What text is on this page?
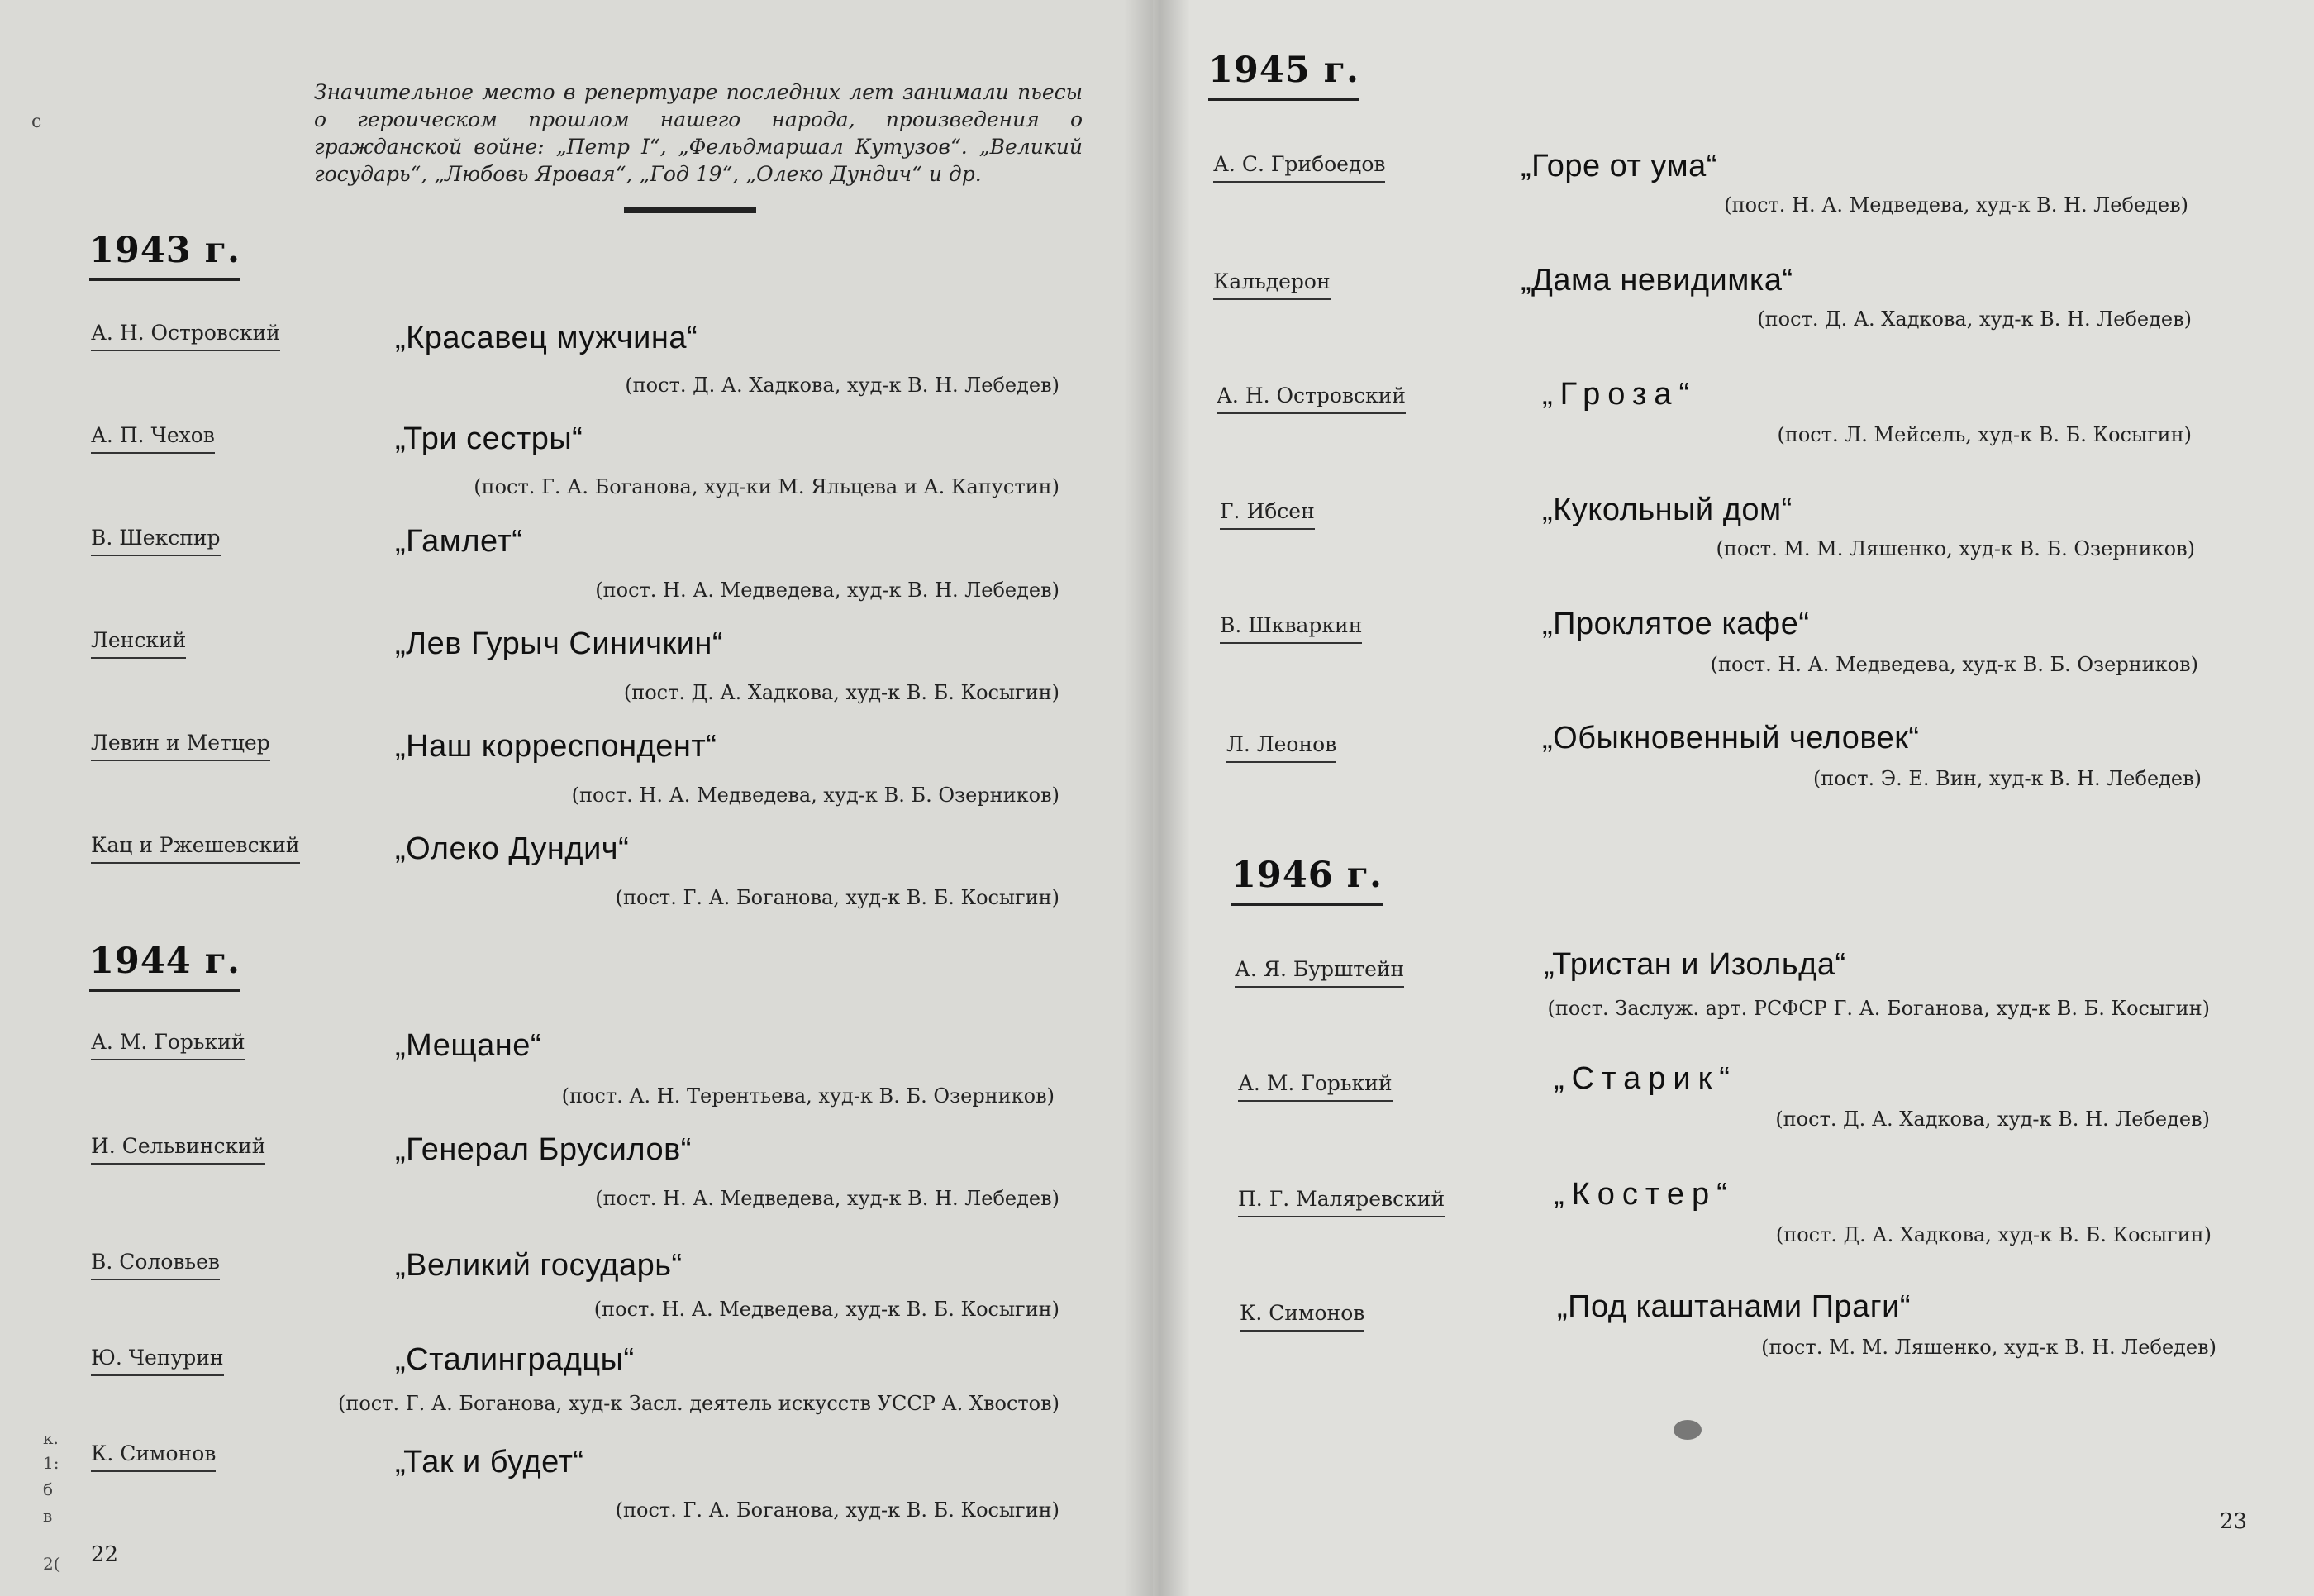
с
к.
1:
б
в
2(

Значительное место в репертуаре последних лет занимали пьесы о героическом прошлом нашего народа, произведения о гражданской войне: „Петр I“, „Фельдмаршал Кутузов“. „Великий государь“, „Любовь Яровая“, „Год 19“, „Олеко Дундич“ и др.

1943 г.
А. Н. Островский	„Красавец мужчина“
(пост. Д. А. Хадкова, худ-к В. Н. Лебедев)
А. П. Чехов	„Три сестры“
(пост. Г. А. Боганова, худ-ки М. Яльцева и А. Капустин)
В. Шекспир	„Гамлет“
(пост. Н. А. Медведева, худ-к В. Н. Лебедев)
Ленский	„Лев Гурыч Синичкин“
(пост. Д. А. Хадкова, худ-к В. Б. Косыгин)
Левин и Метцер	„Наш корреспондент“
(пост. Н. А. Медведева, худ-к В. Б. Озерников)
Кац и Ржешевский	„Олеко Дундич“
(пост. Г. А. Боганова, худ-к В. Б. Косыгин)
1944 г.
А. М. Горький	„Мещане“
(пост. А. Н. Терентьева, худ-к В. Б. Озерников)
И. Сельвинский	„Генерал Брусилов“
(пост. Н. А. Медведева, худ-к В. Н. Лебедев)
В. Соловьев	„Великий государь“
(пост. Н. А. Медведева, худ-к В. Б. Косыгин)
Ю. Чепурин	„Сталинградцы“
(пост. Г. А. Боганова, худ-к Засл. деятель искусств УССР А. Хвостов)
К. Симонов	„Так и будет“
(пост. Г. А. Боганова, худ-к В. Б. Косыгин)
22
1945 г.
А. С. Грибоедов	„Горе от ума“
(пост. Н. А. Медведева, худ-к В. Н. Лебедев)
Кальдерон	„Дама невидимка“
(пост. Д. А. Хадкова, худ-к В. Н. Лебедев)
А. Н. Островский	„Гроза“
(пост. Л. Мейсель, худ-к В. Б. Косыгин)
Г. Ибсен	„Кукольный дом“
(пост. М. М. Ляшенко, худ-к В. Б. Озерников)
В. Шкваркин	„Проклятое кафе“
(пост. Н. А. Медведева, худ-к В. Б. Озерников)
Л. Леонов	„Обыкновенный человек“
(пост. Э. Е. Вин, худ-к В. Н. Лебедев)
1946 г.
А. Я. Бурштейн	„Тристан и Изольда“
(пост. Заслуж. арт. РСФСР Г. А. Боганова, худ-к В. Б. Косыгин)
А. М. Горький	„Старик“
(пост. Д. А. Хадкова, худ-к В. Н. Лебедев)
П. Г. Маляревский	„Костер“
(пост. Д. А. Хадкова, худ-к В. Б. Косыгин)
К. Симонов	„Под каштанами Праги“
(пост. М. М. Ляшенко, худ-к В. Н. Лебедев)
23
